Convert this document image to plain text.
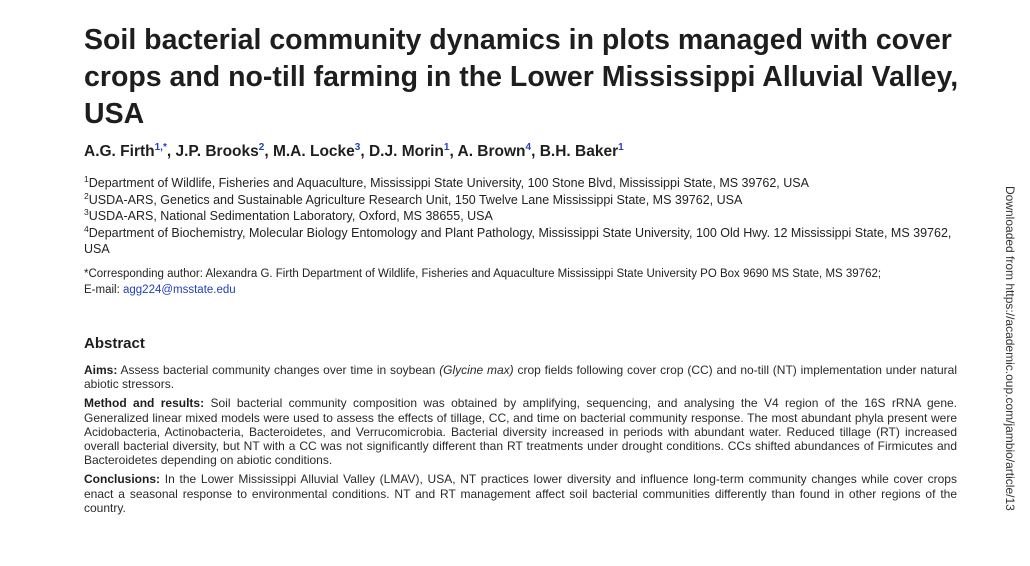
Soil bacterial community dynamics in plots managed with cover crops and no-till farming in the Lower Mississippi Alluvial Valley, USA
A.G. Firth$^{1,*}$, J.P. Brooks$^2$, M.A. Locke$^3$, D.J. Morin$^1$, A. Brown$^4$, B.H. Baker$^1$

$^1$Department of Wildlife, Fisheries and Aquaculture, Mississippi State University, 100 Stone Blvd, Mississippi State, MS 39762, USA

$^2$USDA-ARS, Genetics and Sustainable Agriculture Research Unit, 150 Twelve Lane Mississippi State, MS 39762, USA

$^3$USDA-ARS, National Sedimentation Laboratory, Oxford, MS 38655, USA

$^4$Department of Biochemistry, Molecular Biology Entomology and Plant Pathology, Mississippi State University, 100 Old Hwy. 12 Mississippi State, MS 39762, USA

*Corresponding author: Alexandra G. Firth Department of Wildlife, Fisheries and Aquaculture Mississippi State University PO Box 9690 MS State, MS 39762;
E-mail: agg224@msstate.edu
Abstract

Aims: Assess bacterial community changes over time in soybean (Glycine max) crop fields following cover crop (CC) and no-till (NT) implementation under natural abiotic stressors.

Method and results: Soil bacterial community composition was obtained by amplifying, sequencing, and analysing the V4 region of the 16S rRNA gene. Generalized linear mixed models were used to assess the effects of tillage, CC, and time on bacterial community response. The most abundant phyla present were Acidobacteria, Actinobacteria, Bacteroidetes, and Verrucomicrobia. Bacterial diversity increased in periods with abundant water. Reduced tillage (RT) increased overall bacterial diversity, but NT with a CC was not significantly different than RT treatments under drought conditions. CCs shifted abundances of Firmicutes and Bacteroidetes depending on abiotic conditions.

Conclusions: In the Lower Mississippi Alluvial Valley (LMAV), USA, NT practices lower diversity and influence long-term community changes while cover crops enact a seasonal response to environmental conditions. NT and RT management affect soil bacterial communities differently than found in other regions of the country.	Downloaded from https://academic.oup.com/jambio/article/13
